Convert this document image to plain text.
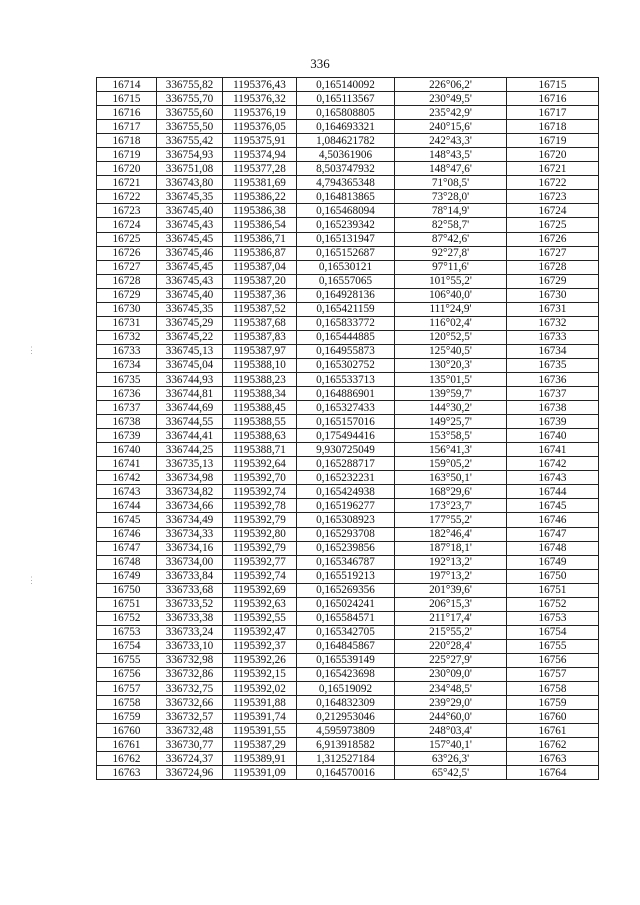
336
⋮
⋮
16714	336755,82	1195376,43	0,165140092	226°06,2'	16715
16715	336755,70	1195376,32	0,165113567	230°49,5'	16716
16716	336755,60	1195376,19	0,165808805	235°42,9'	16717
16717	336755,50	1195376,05	0,164693321	240°15,6'	16718
16718	336755,42	1195375,91	1,084621782	242°43,3'	16719
16719	336754,93	1195374,94	4,50361906	148°43,5'	16720
16720	336751,08	1195377,28	8,503747932	148°47,6'	16721
16721	336743,80	1195381,69	4,794365348	71°08,5'	16722
16722	336745,35	1195386,22	0,164813865	73°28,0'	16723
16723	336745,40	1195386,38	0,165468094	78°14,9'	16724
16724	336745,43	1195386,54	0,165239342	82°58,7'	16725
16725	336745,45	1195386,71	0,165131947	87°42,6'	16726
16726	336745,46	1195386,87	0,165152687	92°27,8'	16727
16727	336745,45	1195387,04	0,16530121	97°11,6'	16728
16728	336745,43	1195387,20	0,16557065	101°55,2'	16729
16729	336745,40	1195387,36	0,164928136	106°40,0'	16730
16730	336745,35	1195387,52	0,165421159	111°24,9'	16731
16731	336745,29	1195387,68	0,165833772	116°02,4'	16732
16732	336745,22	1195387,83	0,165444885	120°52,5'	16733
16733	336745,13	1195387,97	0,164955873	125°40,5'	16734
16734	336745,04	1195388,10	0,165302752	130°20,3'	16735
16735	336744,93	1195388,23	0,165533713	135°01,5'	16736
16736	336744,81	1195388,34	0,164886901	139°59,7'	16737
16737	336744,69	1195388,45	0,165327433	144°30,2'	16738
16738	336744,55	1195388,55	0,165157016	149°25,7'	16739
16739	336744,41	1195388,63	0,175494416	153°58,5'	16740
16740	336744,25	1195388,71	9,930725049	156°41,3'	16741
16741	336735,13	1195392,64	0,165288717	159°05,2'	16742
16742	336734,98	1195392,70	0,165232231	163°50,1'	16743
16743	336734,82	1195392,74	0,165424938	168°29,6'	16744
16744	336734,66	1195392,78	0,165196277	173°23,7'	16745
16745	336734,49	1195392,79	0,165308923	177°55,2'	16746
16746	336734,33	1195392,80	0,165293708	182°46,4'	16747
16747	336734,16	1195392,79	0,165239856	187°18,1'	16748
16748	336734,00	1195392,77	0,165346787	192°13,2'	16749
16749	336733,84	1195392,74	0,165519213	197°13,2'	16750
16750	336733,68	1195392,69	0,165269356	201°39,6'	16751
16751	336733,52	1195392,63	0,165024241	206°15,3'	16752
16752	336733,38	1195392,55	0,165584571	211°17,4'	16753
16753	336733,24	1195392,47	0,165342705	215°55,2'	16754
16754	336733,10	1195392,37	0,164845867	220°28,4'	16755
16755	336732,98	1195392,26	0,165539149	225°27,9'	16756
16756	336732,86	1195392,15	0,165423698	230°09,0'	16757
16757	336732,75	1195392,02	0,16519092	234°48,5'	16758
16758	336732,66	1195391,88	0,164832309	239°29,0'	16759
16759	336732,57	1195391,74	0,212953046	244°60,0'	16760
16760	336732,48	1195391,55	4,595973809	248°03,4'	16761
16761	336730,77	1195387,29	6,913918582	157°40,1'	16762
16762	336724,37	1195389,91	1,312527184	63°26,3'	16763
16763	336724,96	1195391,09	0,164570016	65°42,5'	16764
